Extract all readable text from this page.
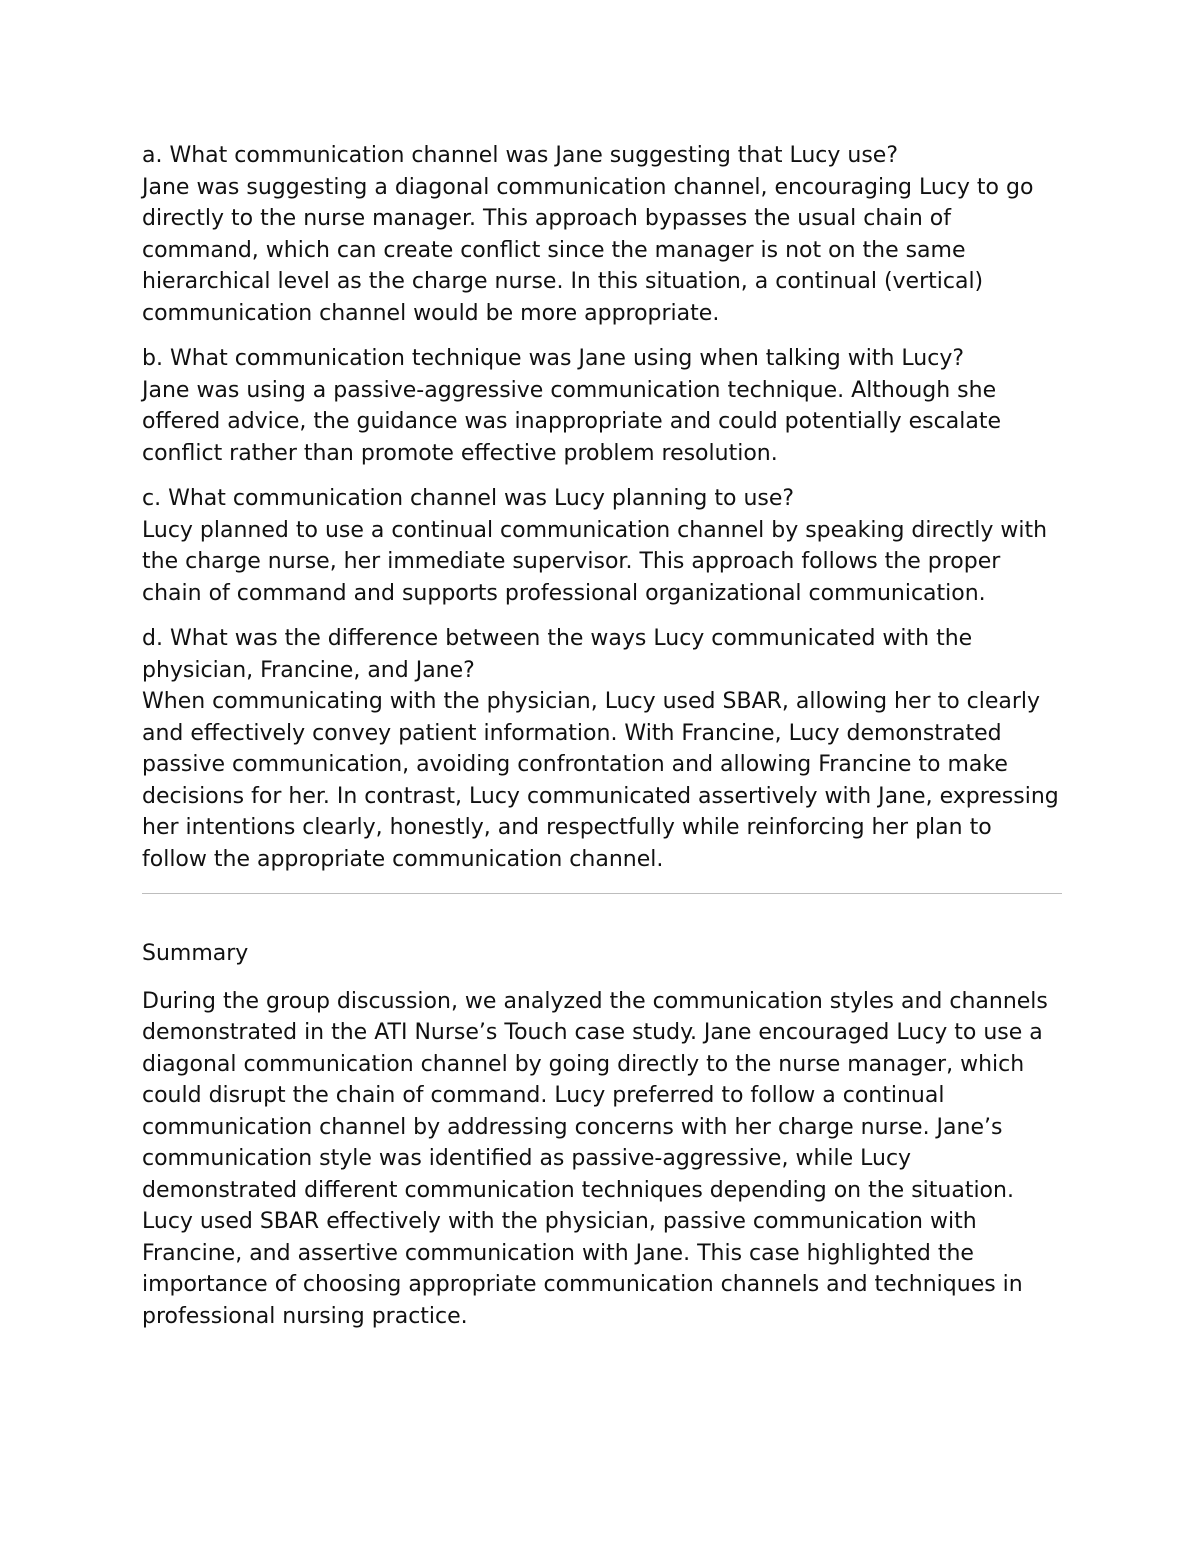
a. What communication channel was Jane suggesting that Lucy use?

Jane was suggesting a diagonal communication channel, encouraging Lucy to go directly to the nurse manager. This approach bypasses the usual chain of command, which can create conflict since the manager is not on the same hierarchical level as the charge nurse. In this situation, a continual (vertical) communication channel would be more appropriate.

b. What communication technique was Jane using when talking with Lucy?

Jane was using a passive-aggressive communication technique. Although she offered advice, the guidance was inappropriate and could potentially escalate conflict rather than promote effective problem resolution.

c. What communication channel was Lucy planning to use?

Lucy planned to use a continual communication channel by speaking directly with the charge nurse, her immediate supervisor. This approach follows the proper chain of command and supports professional organizational communication.

d. What was the difference between the ways Lucy communicated with the physician, Francine, and Jane?

When communicating with the physician, Lucy used SBAR, allowing her to clearly and effectively convey patient information. With Francine, Lucy demonstrated passive communication, avoiding confrontation and allowing Francine to make decisions for her. In contrast, Lucy communicated assertively with Jane, expressing her intentions clearly, honestly, and respectfully while reinforcing her plan to follow the appropriate communication channel.

Summary

During the group discussion, we analyzed the communication styles and channels demonstrated in the ATI Nurse’s Touch case study. Jane encouraged Lucy to use a diagonal communication channel by going directly to the nurse manager, which could disrupt the chain of command. Lucy preferred to follow a continual communication channel by addressing concerns with her charge nurse. Jane’s communication style was identified as passive-aggressive, while Lucy demonstrated different communication techniques depending on the situation. Lucy used SBAR effectively with the physician, passive communication with Francine, and assertive communication with Jane. This case highlighted the importance of choosing appropriate communication channels and techniques in professional nursing practice.
